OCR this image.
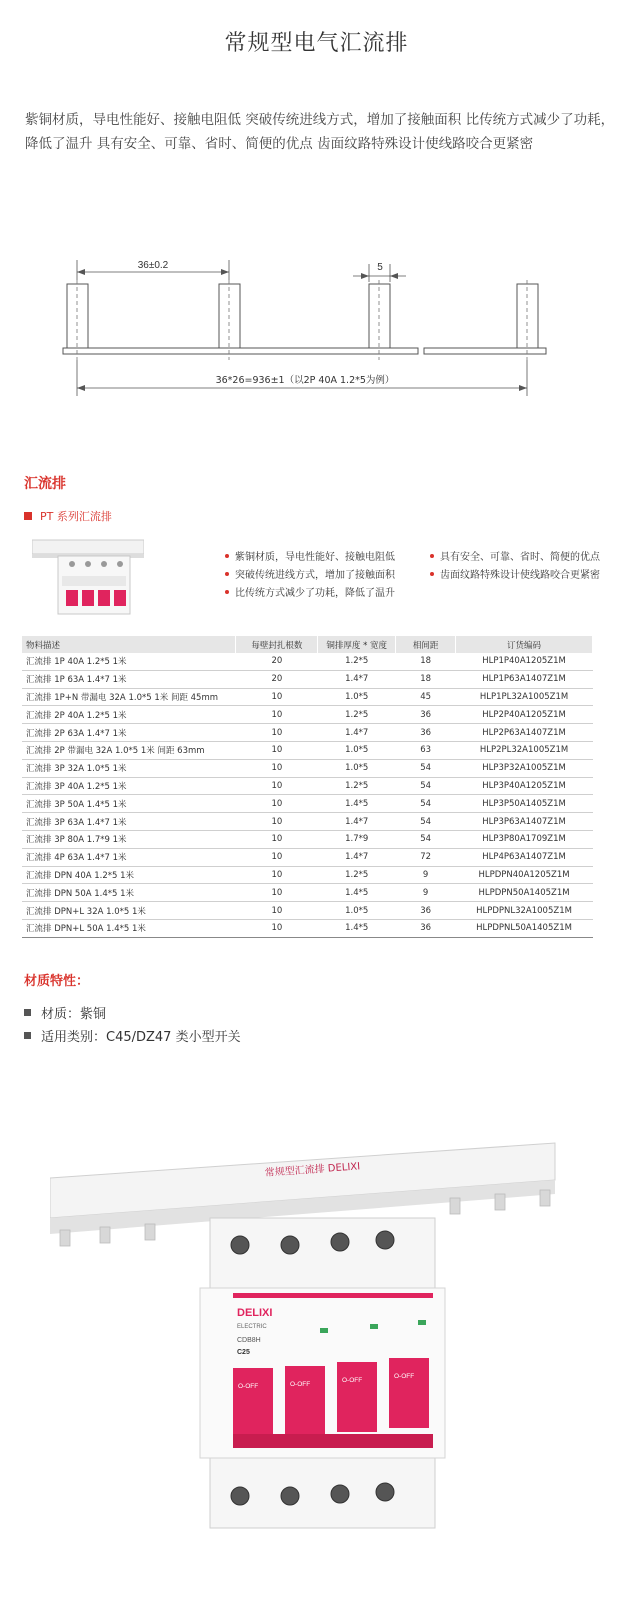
常规型电气汇流排
紫铜材质，导电性能好、接触电阻低 突破传统进线方式，增加了接触面积 比传统方式减少了功耗，降低了温升 具有安全、可靠、省时、简便的优点 齿面纹路特殊设计使线路咬合更紧密
36±0.2	5
36*26=936±1（以2P 40A 1.2*5为例）
汇流排
PT 系列汇流排
紫铜材质，导电性能好、接触电阻低
突破传统进线方式，增加了接触面积
比传统方式减少了功耗，降低了温升
具有安全、可靠、省时、简便的优点
齿面纹路特殊设计使线路咬合更紧密
物料描述	每壁封扎根数	铜排厚度 * 宽度	相间距	订货编码
汇流排 1P 40A 1.2*5 1米	20	1.2*5	18	HLP1P40A1205Z1M
汇流排 1P 63A 1.4*7 1米	20	1.4*7	18	HLP1P63A1407Z1M
汇流排 1P+N 带漏电 32A 1.0*5 1米 间距 45mm	10	1.0*5	45	HLP1PL32A1005Z1M
汇流排 2P 40A 1.2*5 1米	10	1.2*5	36	HLP2P40A1205Z1M
汇流排 2P 63A 1.4*7 1米	10	1.4*7	36	HLP2P63A1407Z1M
汇流排 2P 带漏电 32A 1.0*5 1米 间距 63mm	10	1.0*5	63	HLP2PL32A1005Z1M
汇流排 3P 32A 1.0*5 1米	10	1.0*5	54	HLP3P32A1005Z1M
汇流排 3P 40A 1.2*5 1米	10	1.2*5	54	HLP3P40A1205Z1M
汇流排 3P 50A 1.4*5 1米	10	1.4*5	54	HLP3P50A1405Z1M
汇流排 3P 63A 1.4*7 1米	10	1.4*7	54	HLP3P63A1407Z1M
汇流排 3P 80A 1.7*9 1米	10	1.7*9	54	HLP3P80A1709Z1M
汇流排 4P 63A 1.4*7 1米	10	1.4*7	72	HLP4P63A1407Z1M
汇流排 DPN 40A 1.2*5 1米	10	1.2*5	9	HLPDPN40A1205Z1M
汇流排 DPN 50A 1.4*5 1米	10	1.4*5	9	HLPDPN50A1405Z1M
汇流排 DPN+L 32A 1.0*5 1米	10	1.0*5	36	HLPDPNL32A1005Z1M
汇流排 DPN+L 50A 1.4*5 1米	10	1.4*5	36	HLPDPNL50A1405Z1M
材质特性：
材质：紫铜
适用类别：C45/DZ47 类小型开关
常规型汇流排 DELIXI
DELIXI
ELECTRIC
CDB8H
C25
O-OFF	O-OFF
O-OFF
O-OFF
